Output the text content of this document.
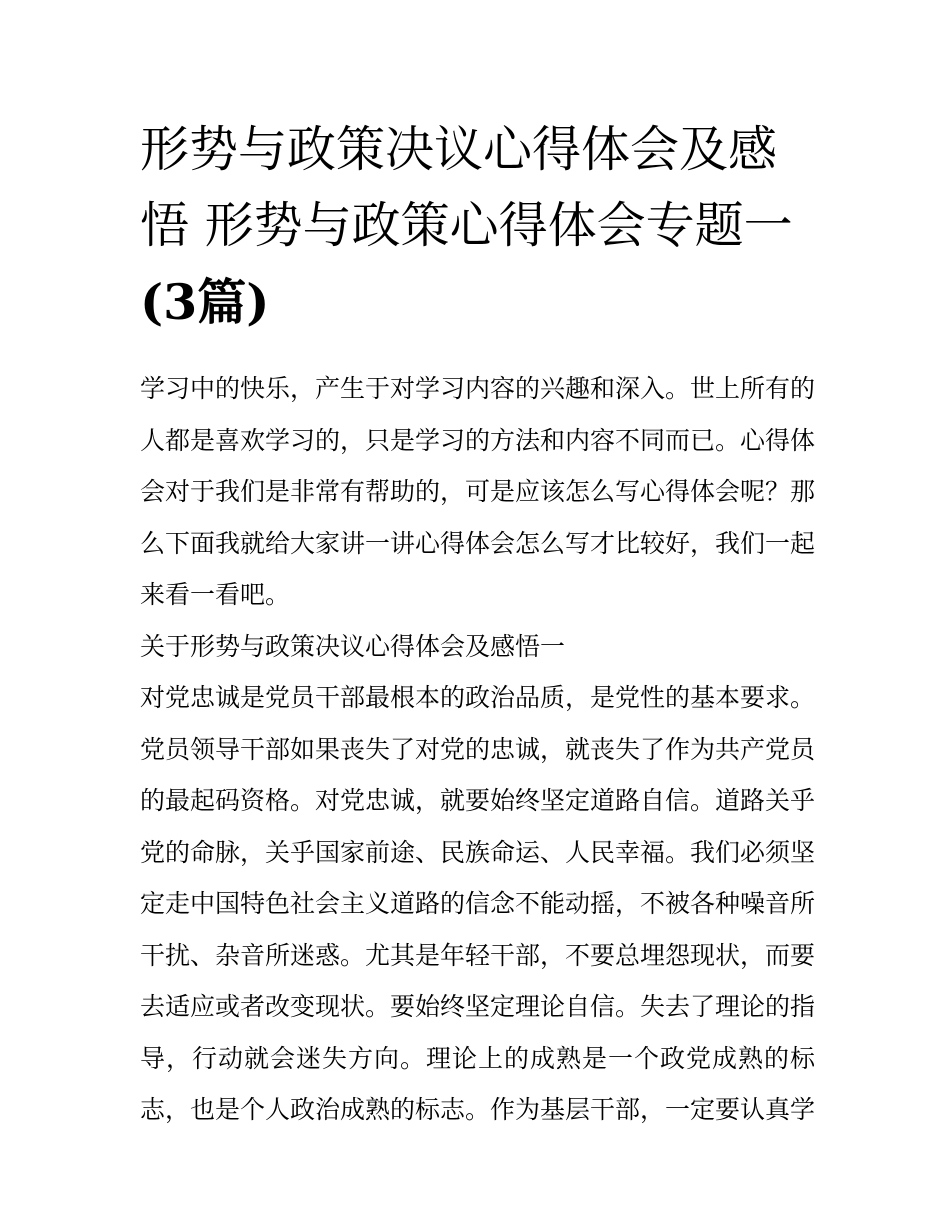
形势与政策决议心得体会及感悟 形势与政策心得体会专题一(3篇)

学习中的快乐，产生于对学习内容的兴趣和深入。世上所有的人都是喜欢学习的，只是学习的方法和内容不同而已。心得体会对于我们是非常有帮助的，可是应该怎么写心得体会呢？那么下面我就给大家讲一讲心得体会怎么写才比较好，我们一起来看一看吧。

关于形势与政策决议心得体会及感悟一

对党忠诚是党员干部最根本的政治品质，是党性的基本要求。党员领导干部如果丧失了对党的忠诚，就丧失了作为共产党员的最起码资格。对党忠诚，就要始终坚定道路自信。道路关乎党的命脉，关乎国家前途、民族命运、人民幸福。我们必须坚定走中国特色社会主义道路的信念不能动摇，不被各种噪音所干扰、杂音所迷惑。尤其是年轻干部，不要总埋怨现状，而要去适应或者改变现状。要始终坚定理论自信。失去了理论的指导，行动就会迷失方向。理论上的成熟是一个政党成熟的标志，也是个人政治成熟的标志。作为基层干部，一定要认真学
